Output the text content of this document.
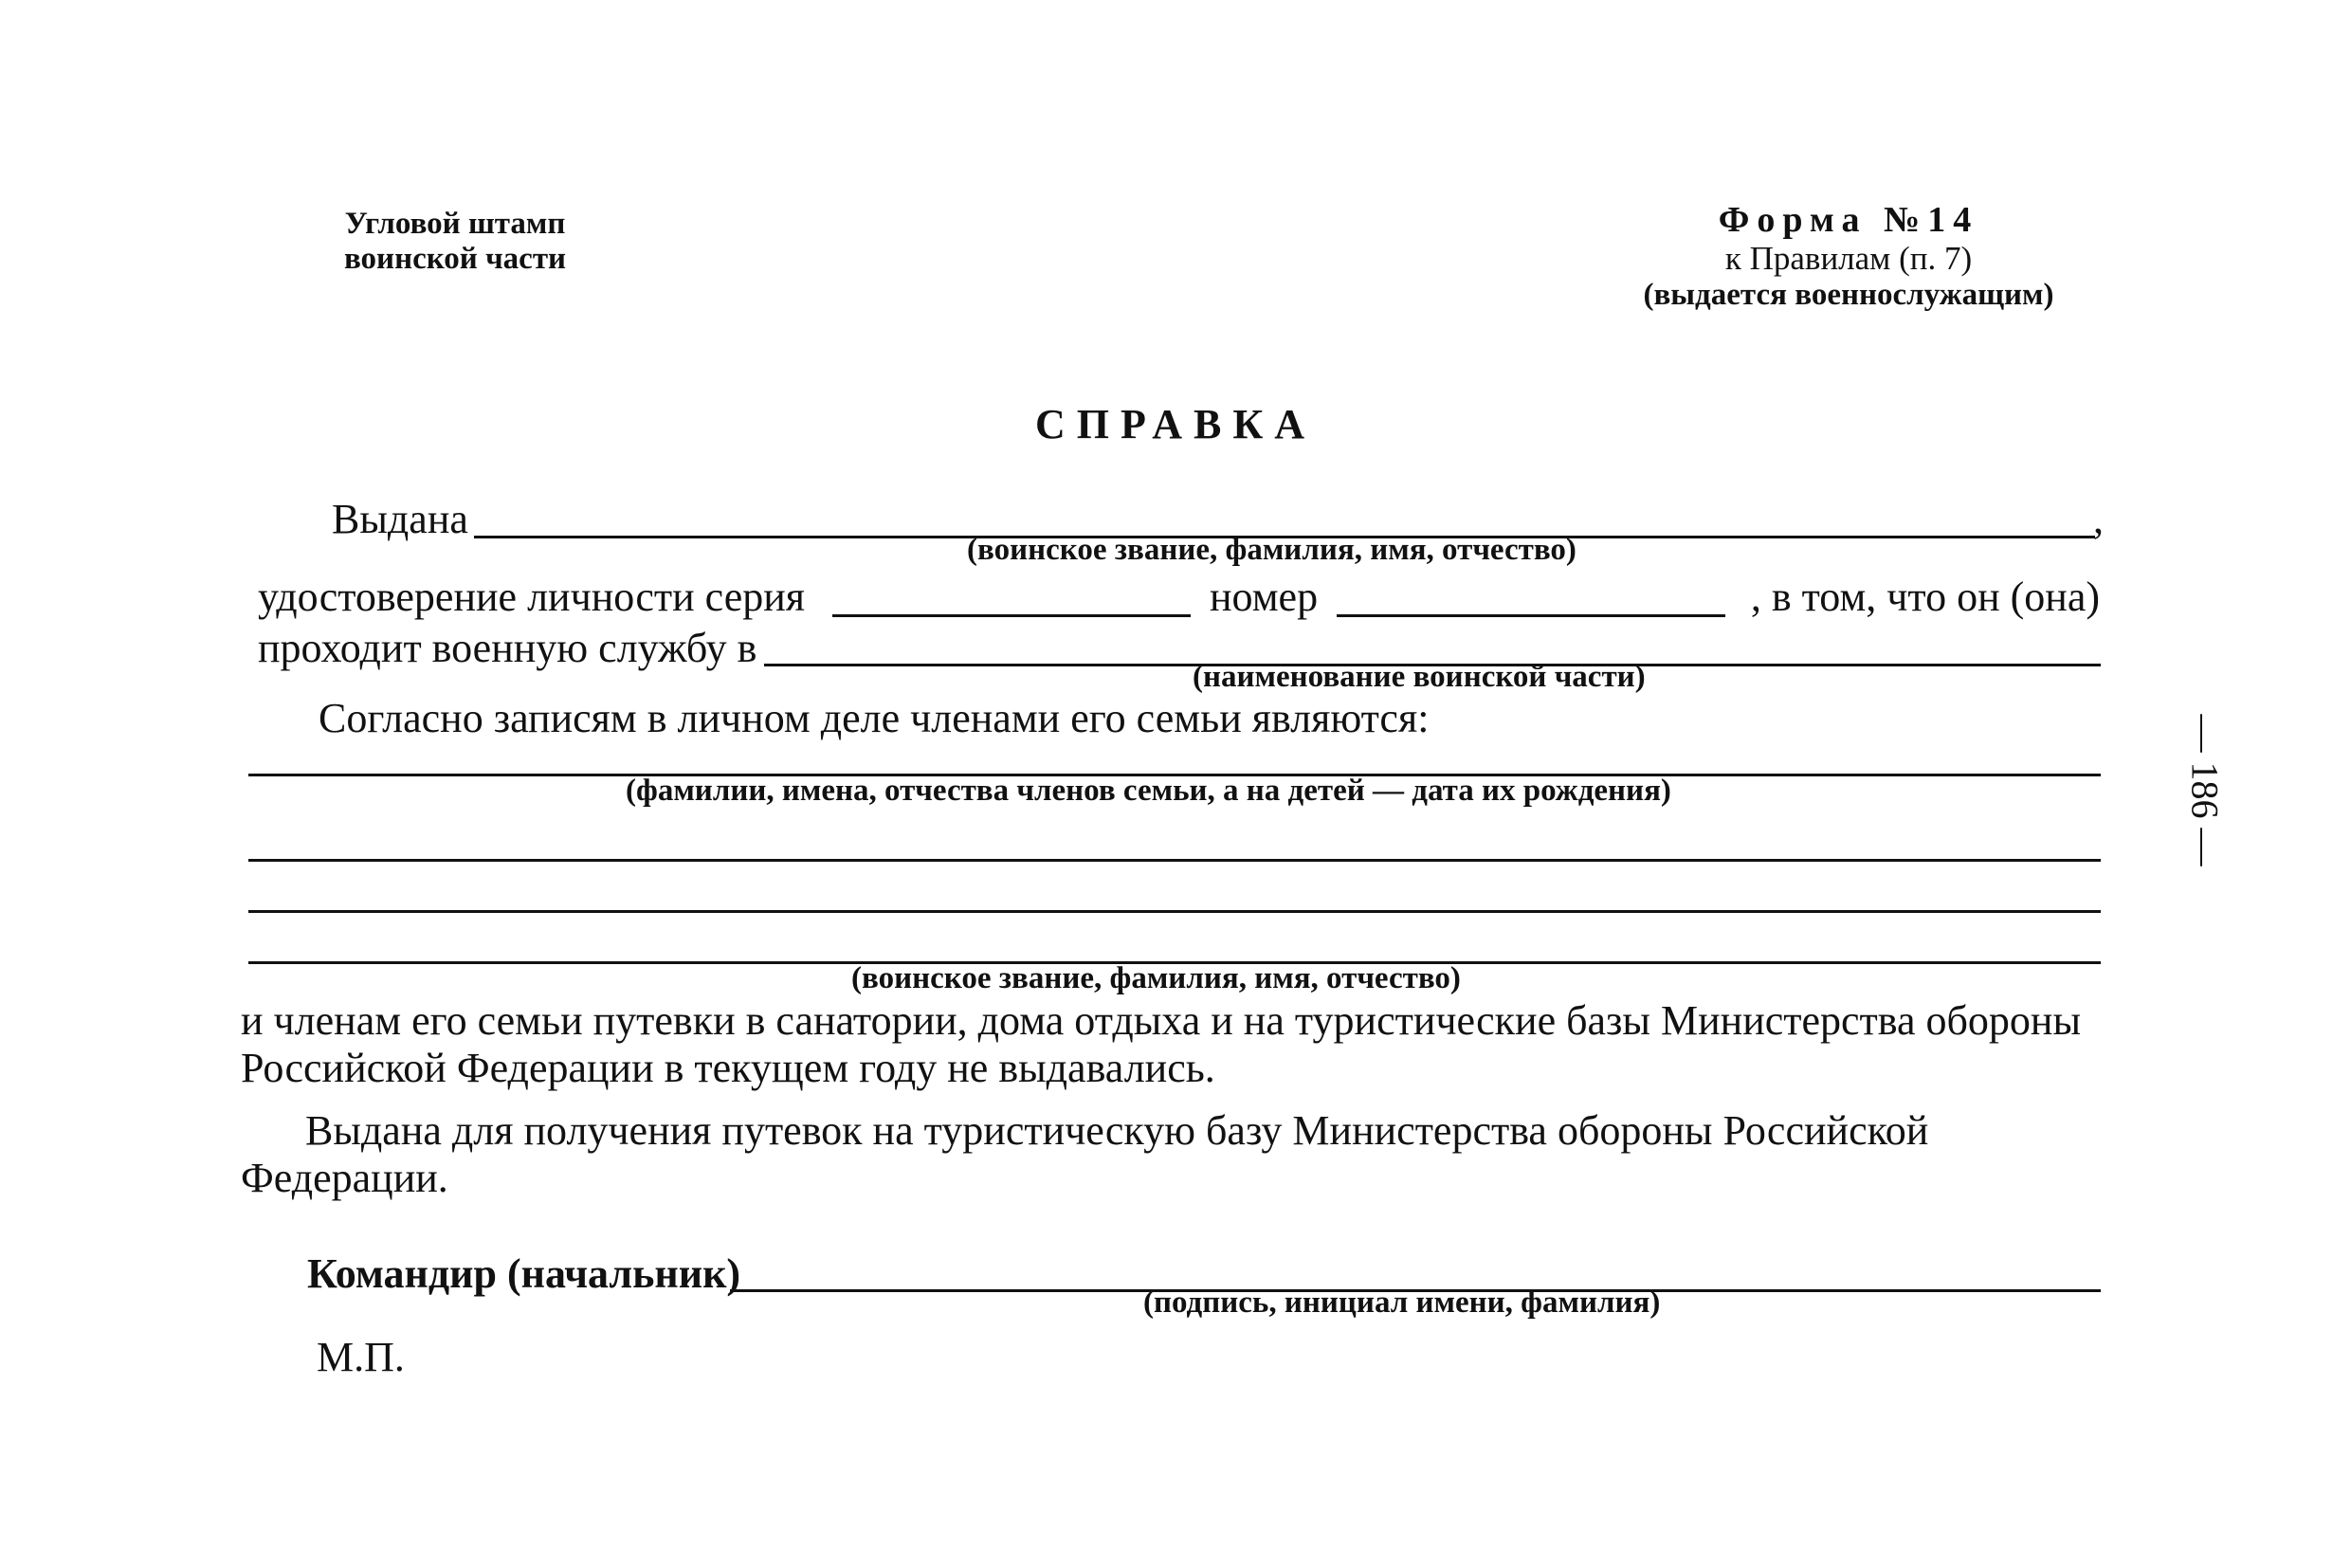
Угловой штамп
воинской части
Форма №14
к Правилам (п. 7)
(выдается военнослужащим)
СПРАВКА
Выдана	,
(воинское звание, фамилия, имя, отчество)
удостоверение личности серия	номер	, в том, что он (она)
проходит военную службу в
(наименование воинской части)
Согласно записям в личном деле членами его семьи являются:
(фамилии, имена, отчества членов семьи, а на детей — дата их рождения)
(воинское звание, фамилия, имя, отчество)
и членам его семьи путевки в санатории, дома отдыха и на туристические базы Министерства обороны Российской Федерации в текущем году не выдавались.
Выдана для получения путевок на туристическую базу Министерства обороны Российской Федерации.
Командир (начальник)
(подпись, инициал имени, фамилия)
М.П.
— 186 —
